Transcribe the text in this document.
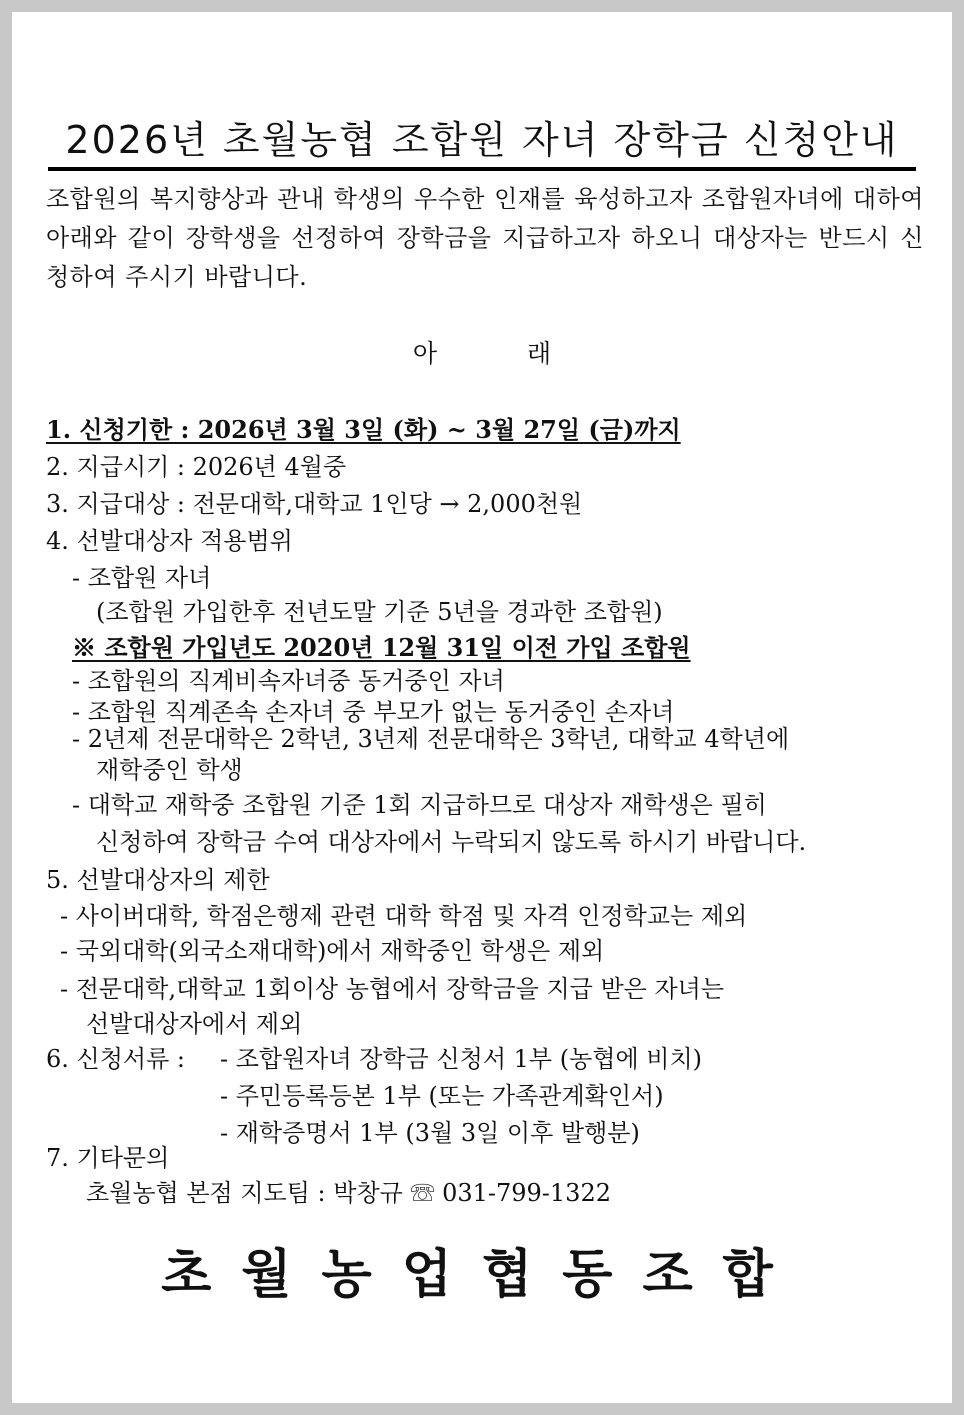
2026년 초월농협 조합원 자녀 장학금 신청안내
조합원의 복지향상과 관내 학생의 우수한 인재를 육성하고자 조합원자녀에 대하여 아래와 같이 장학생을 선정하여 장학금을 지급하고자 하오니 대상자는 반드시 신청하여 주시기 바랍니다.
아	래
1. 신청기한 : 2026년 3월 3일 (화) ~ 3월 27일 (금)까지
2. 지급시기 : 2026년 4월중
3. 지급대상 : 전문대학,대학교 1인당 → 2,000천원
4. 선발대상자 적용범위
- 조합원 자녀
(조합원 가입한후 전년도말 기준 5년을 경과한 조합원)
※ 조합원 가입년도 2020년 12월 31일 이전 가입 조합원
- 조합원의 직계비속자녀중 동거중인 자녀
- 조합원 직계존속 손자녀 중 부모가 없는 동거중인 손자녀
- 2년제 전문대학은 2학년, 3년제 전문대학은 3학년, 대학교 4학년에
재학중인 학생
- 대학교 재학중 조합원 기준 1회 지급하므로 대상자 재학생은 필히
신청하여 장학금 수여 대상자에서 누락되지 않도록 하시기 바랍니다.
5. 선발대상자의 제한
- 사이버대학, 학점은행제 관련 대학 학점 및 자격 인정학교는 제외
- 국외대학(외국소재대학)에서 재학중인 학생은 제외
- 전문대학,대학교 1회이상 농협에서 장학금을 지급 받은 자녀는
선발대상자에서 제외
6. 신청서류 : - 조합원자녀 장학금 신청서 1부 (농협에 비치)
- 주민등록등본 1부 (또는 가족관계확인서)
- 재학증명서 1부 (3월 3일 이후 발행분)
7. 기타문의
초월농협 본점 지도팀 : 박창규 ☏ 031-799-1322
초월농업협동조합
